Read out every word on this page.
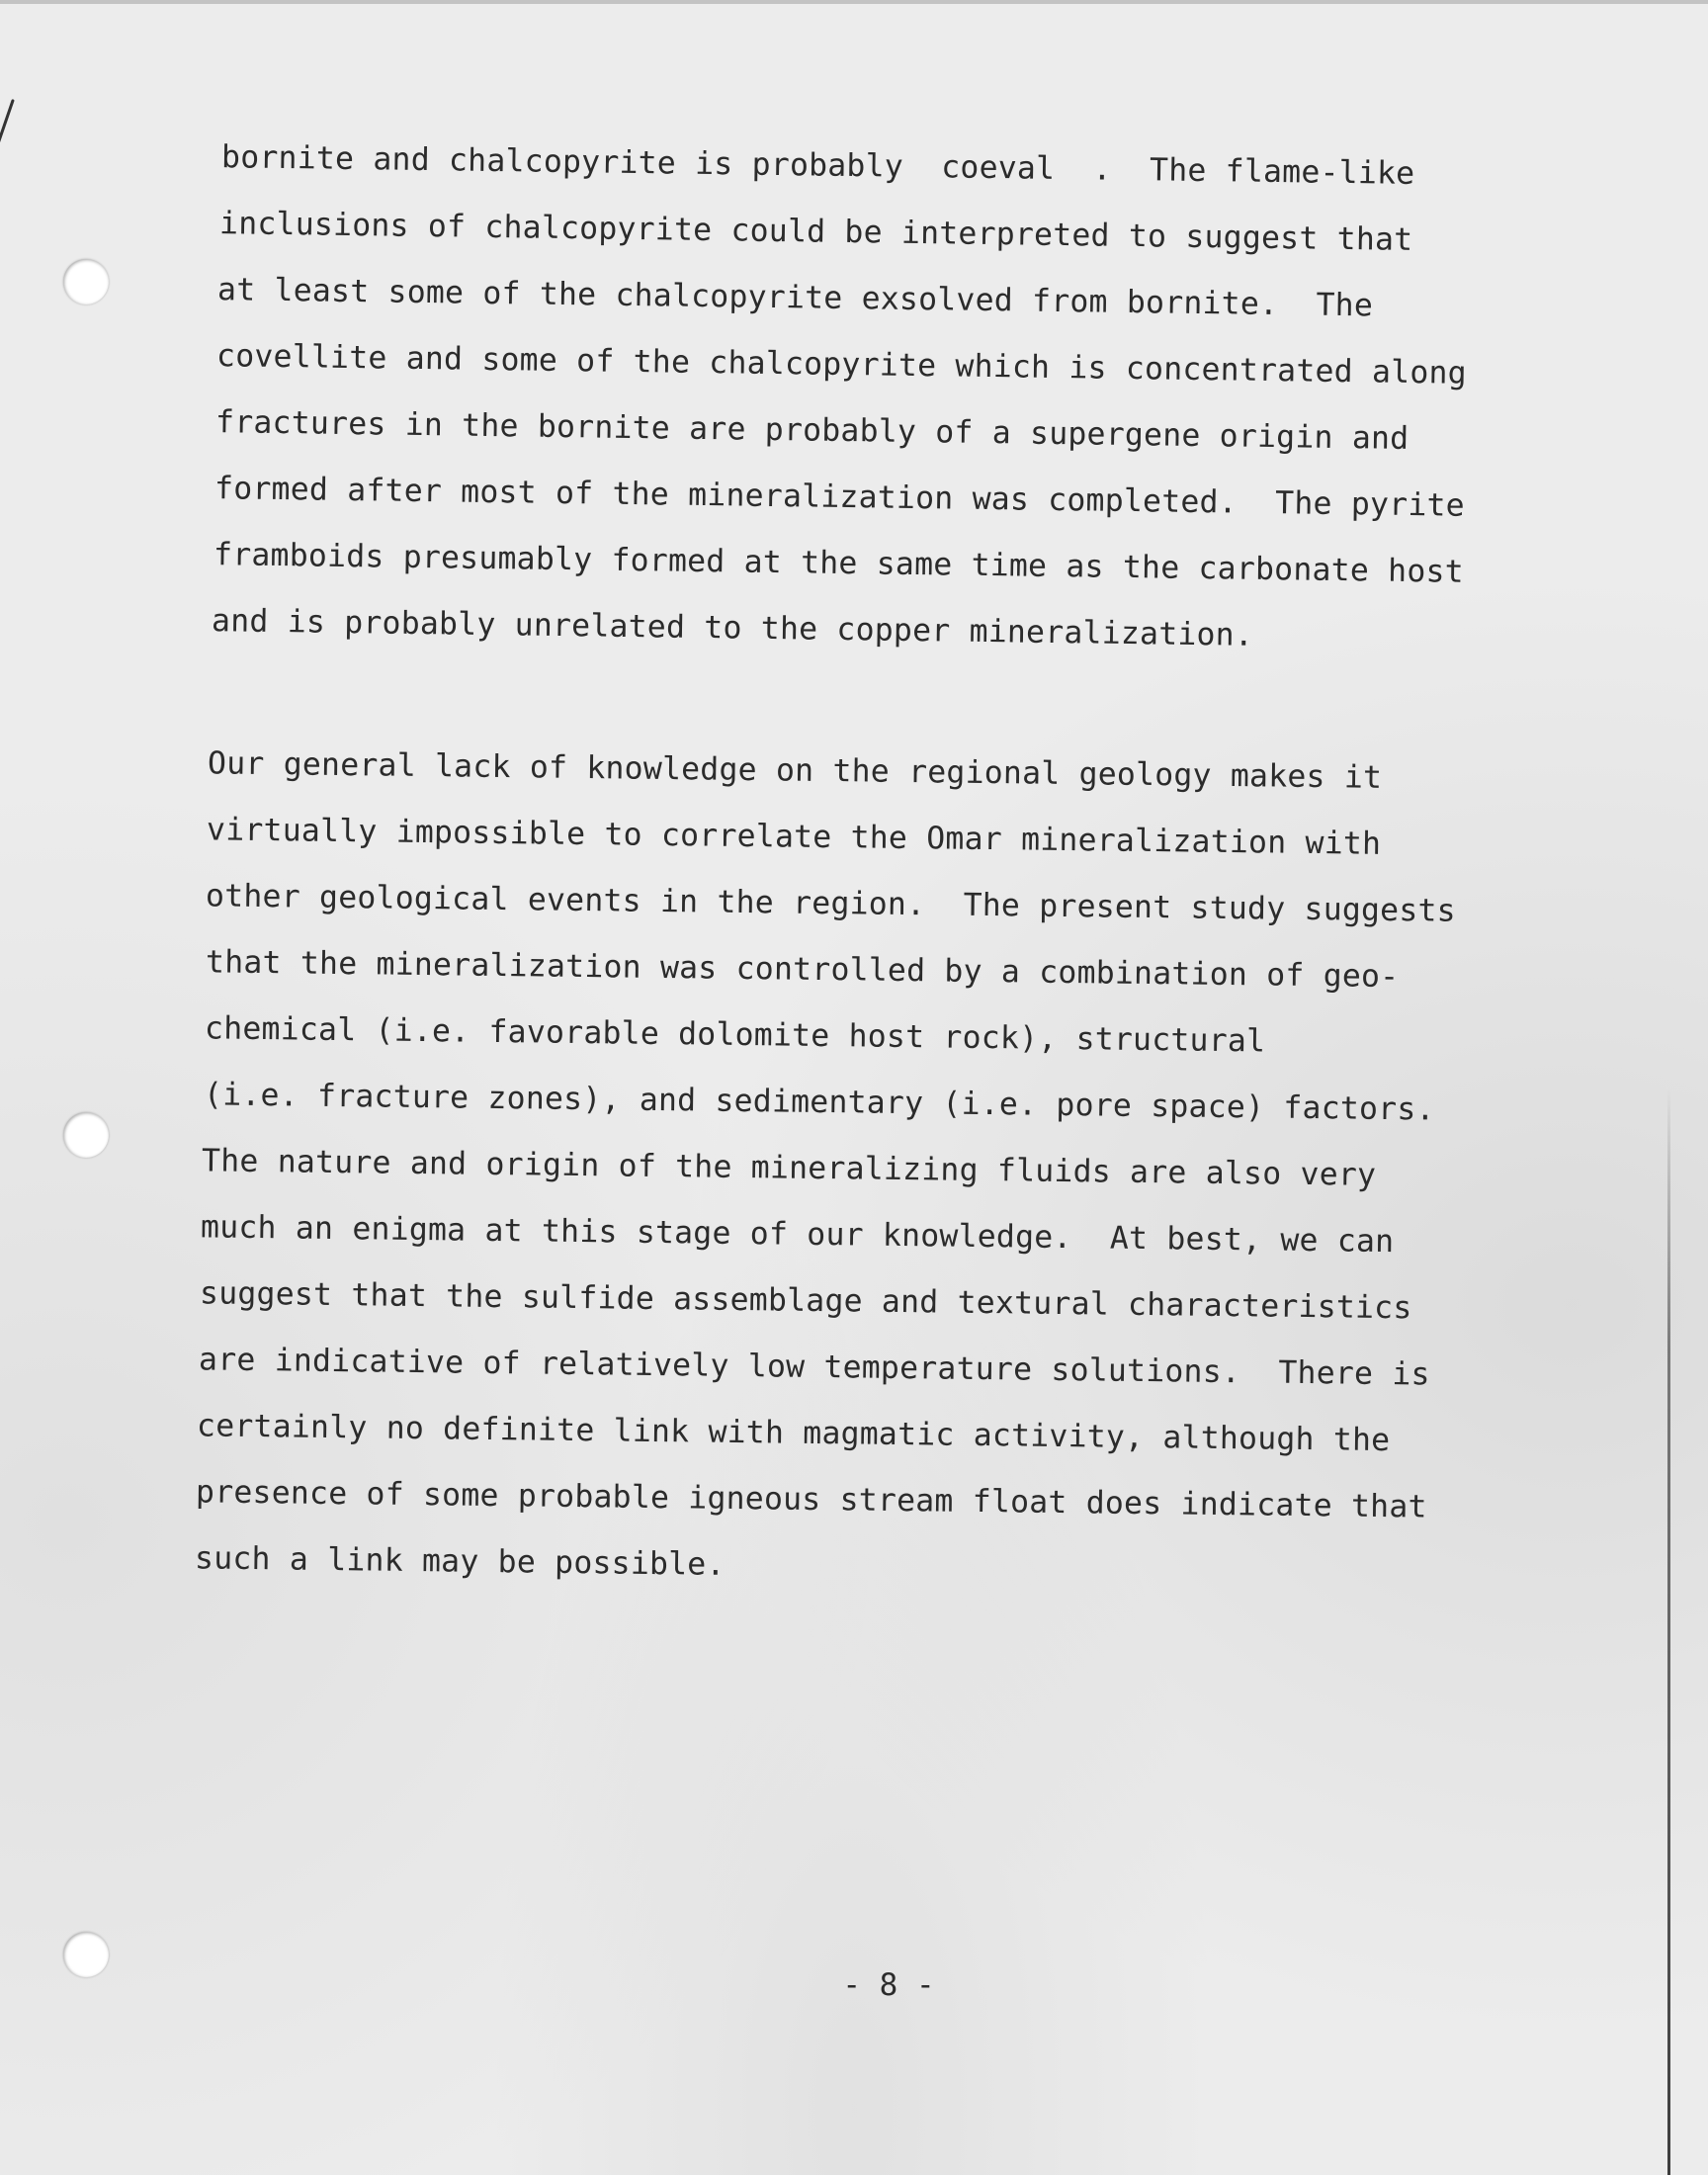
bornite and chalcopyrite is probably  coeval  .  The flame-like
inclusions of chalcopyrite could be interpreted to suggest that
at least some of the chalcopyrite exsolved from bornite.  The
covellite and some of the chalcopyrite which is concentrated along
fractures in the bornite are probably of a supergene origin and
formed after most of the mineralization was completed.  The pyrite
framboids presumably formed at the same time as the carbonate host
and is probably unrelated to the copper mineralization.
Our general lack of knowledge on the regional geology makes it
virtually impossible to correlate the Omar mineralization with
other geological events in the region.  The present study suggests
that the mineralization was controlled by a combination of geo-
chemical (i.e. favorable dolomite host rock), structural
(i.e. fracture zones), and sedimentary (i.e. pore space) factors.
The nature and origin of the mineralizing fluids are also very
much an enigma at this stage of our knowledge.  At best, we can
suggest that the sulfide assemblage and textural characteristics
are indicative of relatively low temperature solutions.  There is
certainly no definite link with magmatic activity, although the
presence of some probable igneous stream float does indicate that
such a link may be possible.
- 8 -
